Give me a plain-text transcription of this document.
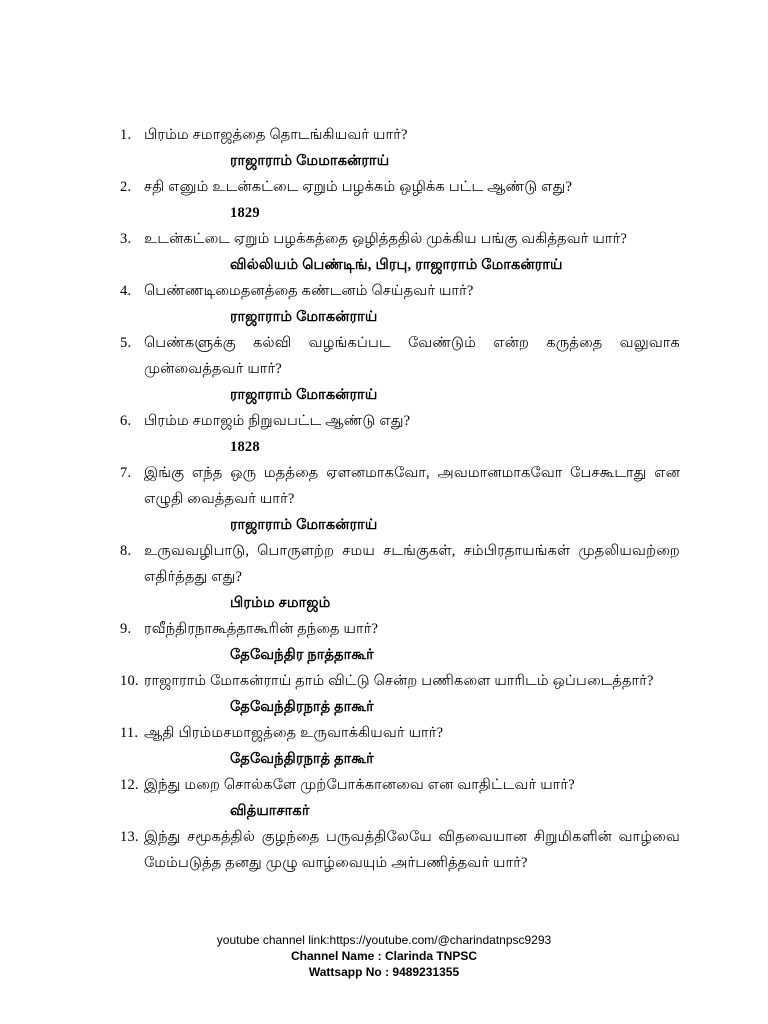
1. பிரம்ம சமாஜத்தை தொடங்கியவர் யார்?
ராஜாராம் மேமாகன்ராய்
2. சதி எனும் உடன்கட்டை ஏறும் பழக்கம் ஒழிக்க பட்ட ஆண்டு எது?
1829
3. உடன்கட்டை ஏறும் பழக்கத்தை ஒழித்ததில் முக்கிய பங்கு வகித்தவர் யார்?
வில்லியம் பெண்டிங், பிரபு, ராஜாராம் மோகன்ராய்
4. பெண்ணடிமைதனத்தை கண்டனம் செய்தவர் யார்?
ராஜாராம் மோகன்ராய்
5. பெண்களுக்கு கல்வி வழங்கப்பட வேண்டும் என்ற கருத்தை வலுவாக முன்வைத்தவர் யார்?
ராஜாராம் மோகன்ராய்
6. பிரம்ம சமாஜம் நிறுவபட்ட ஆண்டு எது?
1828
7. இங்கு எந்த ஒரு மதத்தை ஏளனமாகவோ, அவமானமாகவோ பேசகூடாது என எழுதி வைத்தவர் யார்?
ராஜாராம் மோகன்ராய்
8. உருவவழிபாடு, பொருளற்ற சமய சடங்குகள், சம்பிரதாயங்கள் முதலியவற்றை எதிர்த்தது எது?
பிரம்ம சமாஜம்
9. ரவீந்திரநாகூத்தாகூரின் தந்தை யார்?
தேவேந்திர நாத்தாகூர்
10. ராஜாராம் மோகன்ராய் தாம் விட்டு சென்ற பணிகளை யாரிடம் ஒப்படைத்தார்?
தேவேந்திரநாத் தாகூர்
11. ஆதி பிரம்மசமாஜத்தை உருவாக்கியவர் யார்?
தேவேந்திரநாத் தாகூர்
12. இந்து மறை சொல்களே முற்போக்கானவை என வாதிட்டவர் யார்?
வித்யாசாகர்
13. இந்து சமூகத்தில் குழந்தை பருவத்திலேயே விதவையான சிறுமிகளின் வாழ்வை மேம்படுத்த தனது முழு வாழ்வையும் அர்பணித்தவர் யார்?
youtube channel link:https://youtube.com/@charindatnpsc9293
Channel Name : Clarinda TNPSC
Wattsapp No : 9489231355
